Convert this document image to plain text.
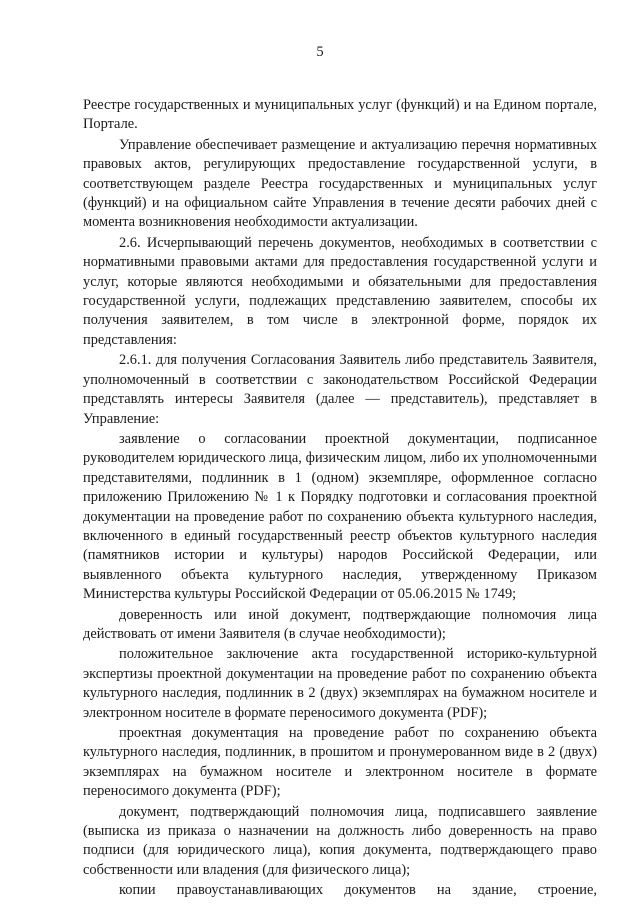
5

Реестре государственных и муниципальных услуг (функций) и на Едином портале, Портале.

Управление обеспечивает размещение и актуализацию перечня нормативных правовых актов, регулирующих предоставление государственной услуги, в соответствующем разделе Реестра государственных и муниципальных услуг (функций) и на официальном сайте Управления в течение десяти рабочих дней с момента возникновения необходимости актуализации.

2.6. Исчерпывающий перечень документов, необходимых в соответствии с нормативными правовыми актами для предоставления государственной услуги и услуг, которые являются необходимыми и обязательными для предоставления государственной услуги, подлежащих представлению заявителем, способы их получения заявителем, в том числе в электронной форме, порядок их представления:

2.6.1. для получения Согласования Заявитель либо представитель Заявителя, уполномоченный в соответствии с законодательством Российской Федерации представлять интересы Заявителя (далее — представитель), представляет в Управление:

заявление о согласовании проектной документации, подписанное руководителем юридического лица, физическим лицом, либо их уполномоченными представителями, подлинник в 1 (одном) экземпляре, оформленное согласно приложению Приложению № 1 к Порядку подготовки и согласования проектной документации на проведение работ по сохранению объекта культурного наследия, включенного в единый государственный реестр объектов культурного наследия (памятников истории и культуры) народов Российской Федерации, или выявленного объекта культурного наследия, утвержденному Приказом Министерства культуры Российской Федерации от 05.06.2015 № 1749;

доверенность или иной документ, подтверждающие полномочия лица действовать от имени Заявителя (в случае необходимости);

положительное заключение акта государственной историко-культурной экспертизы проектной документации на проведение работ по сохранению объекта культурного наследия, подлинник в 2 (двух) экземплярах на бумажном носителе и электронном носителе в формате переносимого документа (PDF);

проектная документация на проведение работ по сохранению объекта культурного наследия, подлинник, в прошитом и пронумерованном виде в 2 (двух) экземплярах на бумажном носителе и электронном носителе в формате переносимого документа (PDF);

документ, подтверждающий полномочия лица, подписавшего заявление (выписка из приказа о назначении на должность либо доверенность на право подписи (для юридического лица), копия документа, подтверждающего право собственности или владения (для физического лица);

копии правоустанавливающих документов на здание, строение,
